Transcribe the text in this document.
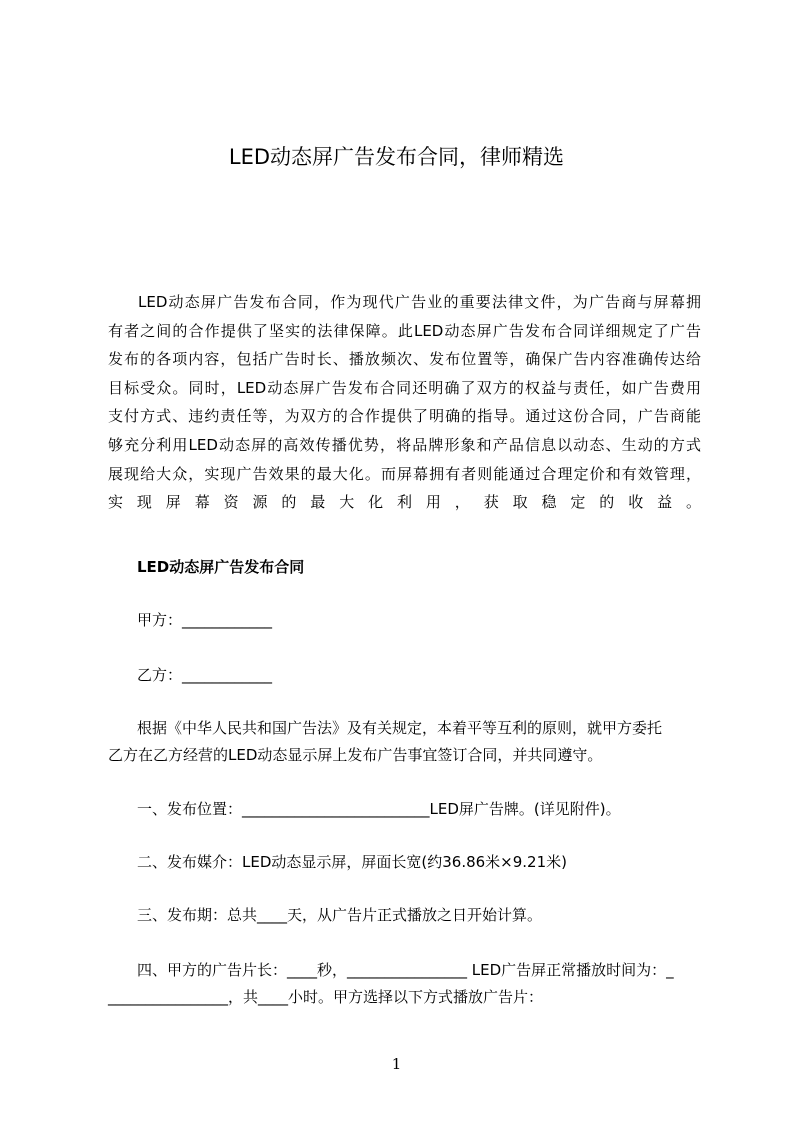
LED动态屏广告发布合同，律师精选
LED动态屏广告发布合同，作为现代广告业的重要法律文件，为广告商与屏幕拥
有者之间的合作提供了坚实的法律保障。此LED动态屏广告发布合同详细规定了广告
发布的各项内容，包括广告时长、播放频次、发布位置等，确保广告内容准确传达给
目标受众。同时，LED动态屏广告发布合同还明确了双方的权益与责任，如广告费用
支付方式、违约责任等，为双方的合作提供了明确的指导。通过这份合同，广告商能
够充分利用LED动态屏的高效传播优势，将品牌形象和产品信息以动态、生动的方式
展现给大众，实现广告效果的最大化。而屏幕拥有者则能通过合理定价和有效管理，
实现屏幕资源的最大化利用，获取稳定的收益。

LED动态屏广告发布合同

甲方：____________

乙方：____________

根据《中华人民共和国广告法》及有关规定，本着平等互利的原则，就甲方委托

乙方在乙方经营的LED动态显示屏上发布广告事宜签订合同，并共同遵守。

一、发布位置：_________________________LED屏广告牌。(详见附件)。

二、发布媒介：LED动态显示屏，屏面长宽(约36.86米×9.21米)

三、发布期：总共____天，从广告片正式播放之日开始计算。

四、甲方的广告片长：____秒，________________ LED广告屏正常播放时间为：_

________________，共____小时。甲方选择以下方式播放广告片：

1
